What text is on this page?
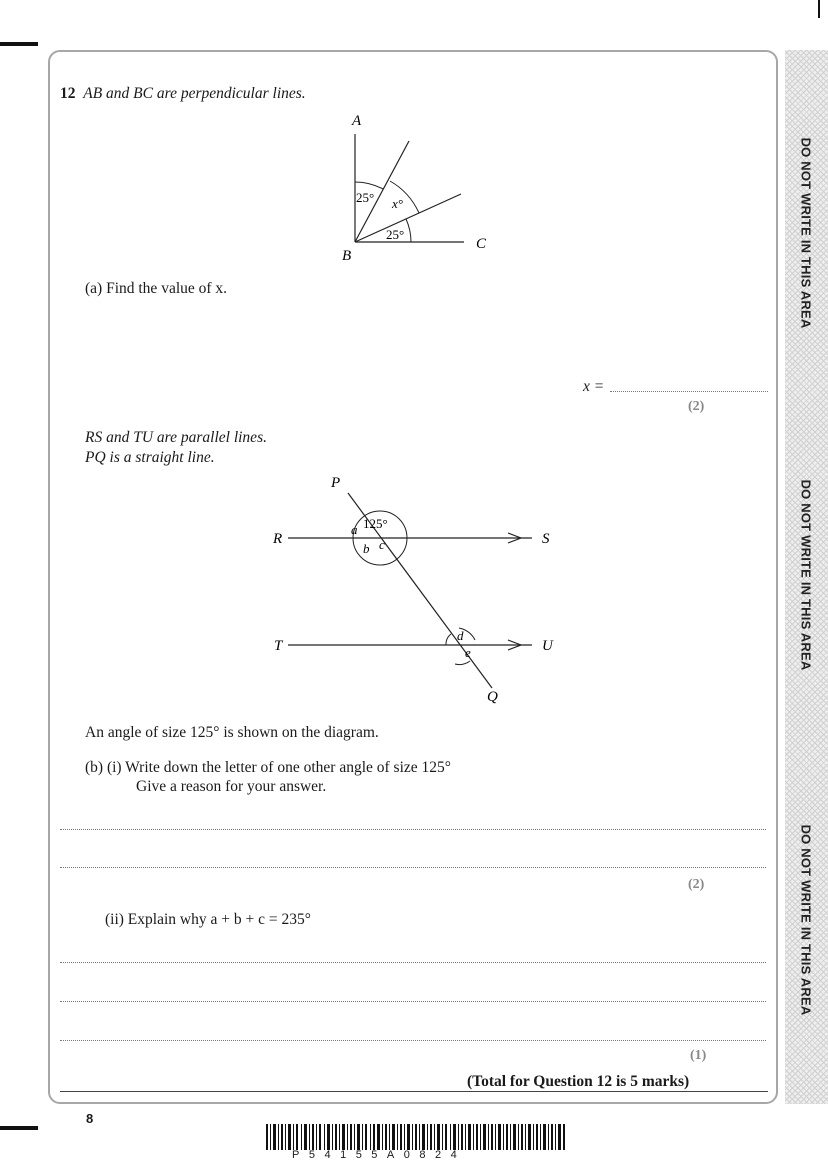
DO NOT WRITE IN THIS AREA
DO NOT WRITE IN THIS AREA
DO NOT WRITE IN THIS AREA
12 AB and BC are perpendicular lines.
A
B
C
25° x°
25°
(a) Find the value of x.
x =
(2)
RS and TU are parallel lines.
PQ is a straight line.
P
R	S
T	U
Q
125°
a
b c
d
e
An angle of size 125° is shown on the diagram.
(b) (i) Write down the letter of one other angle of size 125°
Give a reason for your answer.
(2)
(ii) Explain why a + b + c = 235°
(1)
(Total for Question 12 is 5 marks)
8
P54155A0824
